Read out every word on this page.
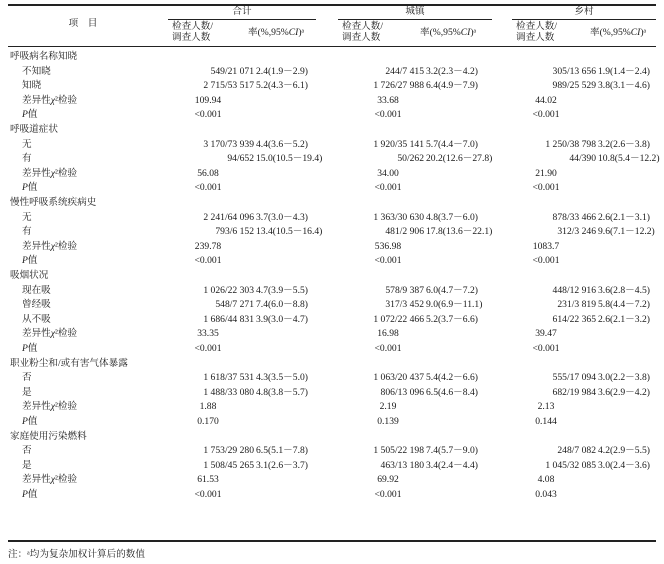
项　目
合计	城镇	乡村
检查人数/
调查人数	率(%,95%CI)ᵃ
检查人数/
调查人数	率(%,95%CI)ᵃ
检查人数/
调查人数	率(%,95%CI)ᵃ
呼吸病名称知晓
不知晓	549/21 071 2.4(1.9－2.9)	244/7 415 3.2(2.3－4.2)	305/13 656 1.9(1.4－2.4)
知晓	2 715/53 517 5.2(4.3－6.1)	1 726/27 988 6.4(4.9－7.9)	989/25 529 3.8(3.1－4.6)
差异性χ²检验	109.94	33.68	44.02
P值	<0.001	<0.001	<0.001
呼吸道症状
无	3 170/73 939 4.4(3.6－5.2)	1 920/35 141 5.7(4.4－7.0)	1 250/38 798 3.2(2.6－3.8)
有	94/652 15.0(10.5－19.4)	50/262 20.2(12.6－27.8)	44/390 10.8(5.4－12.2)
差异性χ²检验	56.08	34.00	21.90
P值	<0.001	<0.001	<0.001
慢性呼吸系统疾病史
无	2 241/64 096 3.7(3.0－4.3)	1 363/30 630 4.8(3.7－6.0)	878/33 466 2.6(2.1－3.1)
有	793/6 152 13.4(10.5－16.4)	481/2 906 17.8(13.6－22.1)	312/3 246 9.6(7.1－12.2)
差异性χ²检验	239.78	536.98	1083.7
P值	<0.001	<0.001	<0.001
吸烟状况
现在吸	1 026/22 303 4.7(3.9－5.5)	578/9 387 6.0(4.7－7.2)	448/12 916 3.6(2.8－4.5)
曾经吸	548/7 271 7.4(6.0－8.8)	317/3 452 9.0(6.9－11.1)	231/3 819 5.8(4.4－7.2)
从不吸	1 686/44 831 3.9(3.0－4.7)	1 072/22 466 5.2(3.7－6.6)	614/22 365 2.6(2.1－3.2)
差异性χ²检验	33.35	16.98	39.47
P值	<0.001	<0.001	<0.001
职业粉尘和/或有害气体暴露
否	1 618/37 531 4.3(3.5－5.0)	1 063/20 437 5.4(4.2－6.6)	555/17 094 3.0(2.2－3.8)
是	1 488/33 080 4.8(3.8－5.7)	806/13 096 6.5(4.6－8.4)	682/19 984 3.6(2.9－4.2)
差异性χ²检验	1.88	2.19	2.13
P值	0.170	0.139	0.144
家庭使用污染燃料
否	1 753/29 280 6.5(5.1－7.8)	1 505/22 198 7.4(5.7－9.0)	248/7 082 4.2(2.9－5.5)
是	1 508/45 265 3.1(2.6－3.7)	463/13 180 3.4(2.4－4.4)	1 045/32 085 3.0(2.4－3.6)
差异性χ²检验	61.53	69.92	4.08
P值	<0.001	<0.001	0.043
注：ᵃ均为复杂加权计算后的数值
